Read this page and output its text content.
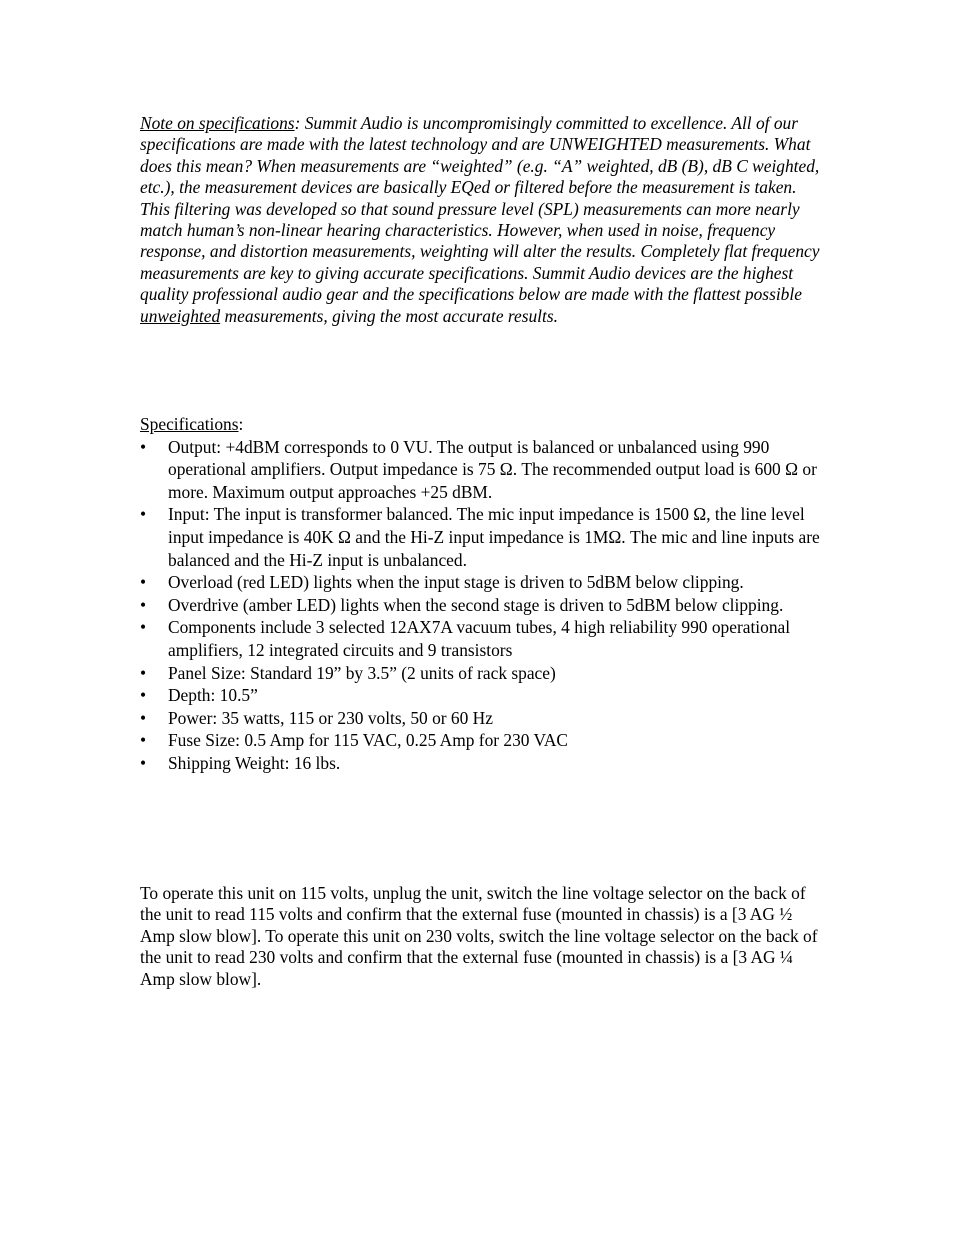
Note on specifications: Summit Audio is uncompromisingly committed to excellence. All of our specifications are made with the latest technology and are UNWEIGHTED measurements. What does this mean? When measurements are “weighted” (e.g. “A” weighted, dB (B), dB C weighted, etc.), the measurement devices are basically EQed or filtered before the measurement is taken. This filtering was developed so that sound pressure level (SPL) measurements can more nearly match human’s non-linear hearing characteristics. However, when used in noise, frequency response, and distortion measurements, weighting will alter the results. Completely flat frequency measurements are key to giving accurate specifications. Summit Audio devices are the highest quality professional audio gear and the specifications below are made with the flattest possible unweighted measurements, giving the most accurate results.

Specifications:
•	Output: +4dBM corresponds to 0 VU. The output is balanced or unbalanced using 990 operational amplifiers. Output impedance is 75 Ω. The recommended output load is 600 Ω or more. Maximum output approaches +25 dBM.
•	Input: The input is transformer balanced. The mic input impedance is 1500 Ω, the line level input impedance is 40K Ω and the Hi-Z input impedance is 1MΩ. The mic and line inputs are balanced and the Hi-Z input is unbalanced.
•	Overload (red LED) lights when the input stage is driven to 5dBM below clipping.
•	Overdrive (amber LED) lights when the second stage is driven to 5dBM below clipping.
•	Components include 3 selected 12AX7A vacuum tubes, 4 high reliability 990 operational amplifiers, 12 integrated circuits and 9 transistors
•	Panel Size: Standard 19” by 3.5” (2 units of rack space)
•	Depth: 10.5”
•	Power: 35 watts, 115 or 230 volts, 50 or 60 Hz
•	Fuse Size: 0.5 Amp for 115 VAC, 0.25 Amp for 230 VAC
•	Shipping Weight: 16 lbs.

To operate this unit on 115 volts, unplug the unit, switch the line voltage selector on the back of the unit to read 115 volts and confirm that the external fuse (mounted in chassis) is a [3 AG ½ Amp slow blow]. To operate this unit on 230 volts, switch the line voltage selector on the back of the unit to read 230 volts and confirm that the external fuse (mounted in chassis) is a [3 AG ¼ Amp slow blow].
